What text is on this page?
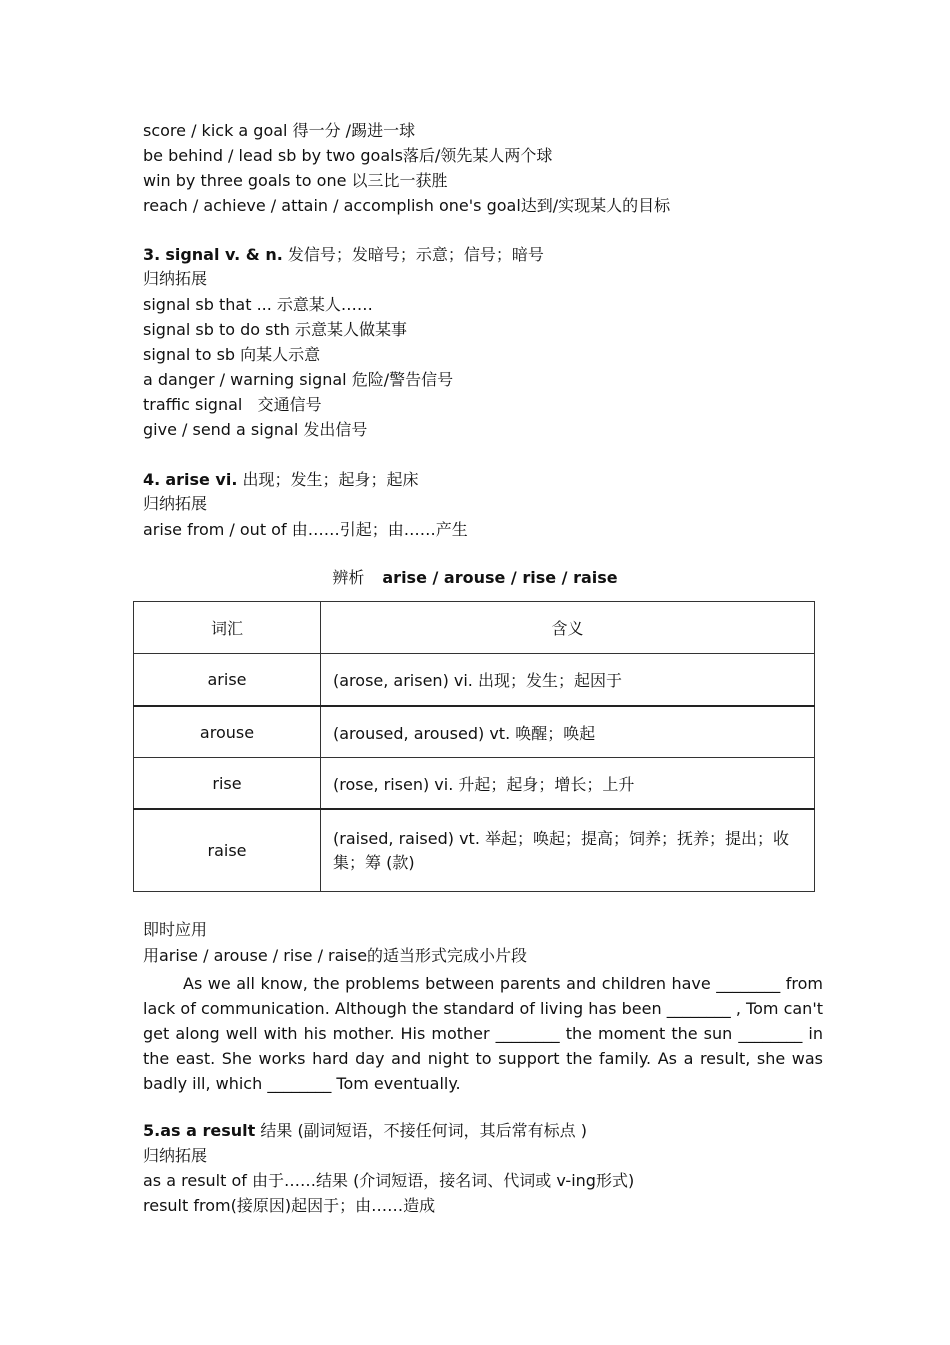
score / kick a goal 得一分 /踢进一球
be behind / lead sb by two goals落后/领先某人两个球
win by three goals to one 以三比一获胜
reach / achieve / attain / accomplish one's goal达到/实现某人的目标
3. signal v. & n. 发信号；发暗号；示意；信号；暗号
归纳拓展
signal sb that ... 示意某人……
signal sb to do sth 示意某人做某事
signal to sb 向某人示意
a danger / warning signal 危险/警告信号
traffic signal   交通信号
give / send a signal 发出信号
4. arise vi. 出现；发生；起身；起床
归纳拓展
arise from / out of 由……引起；由……产生
辨析 arise / arouse / rise / raise
词汇	含义
arise	(arose, arisen) vi. 出现；发生；起因于
arouse	(aroused, aroused) vt. 唤醒；唤起
rise	(rose, risen) vi. 升起；起身；增长；上升
raise	(raised, raised) vt. 举起；唤起；提高；饲养；抚养；提出；收集；筹 (款)
即时应用
用arise / arouse / rise / raise的适当形式完成小片段

As we all know, the problems between parents and children have ________ from lack of communication. Although the standard of living has been ________ , Tom can't get along well with his mother. His mother ________ the moment the sun ________ in the east. She works hard day and night to support the family. As a result, she was badly ill, which ________ Tom eventually.

5.as a result 结果 (副词短语，不接任何词，其后常有标点 )
归纳拓展
as a result of 由于……结果 (介词短语，接名词、代词或 v-ing形式)
result from(接原因)起因于；由……造成
